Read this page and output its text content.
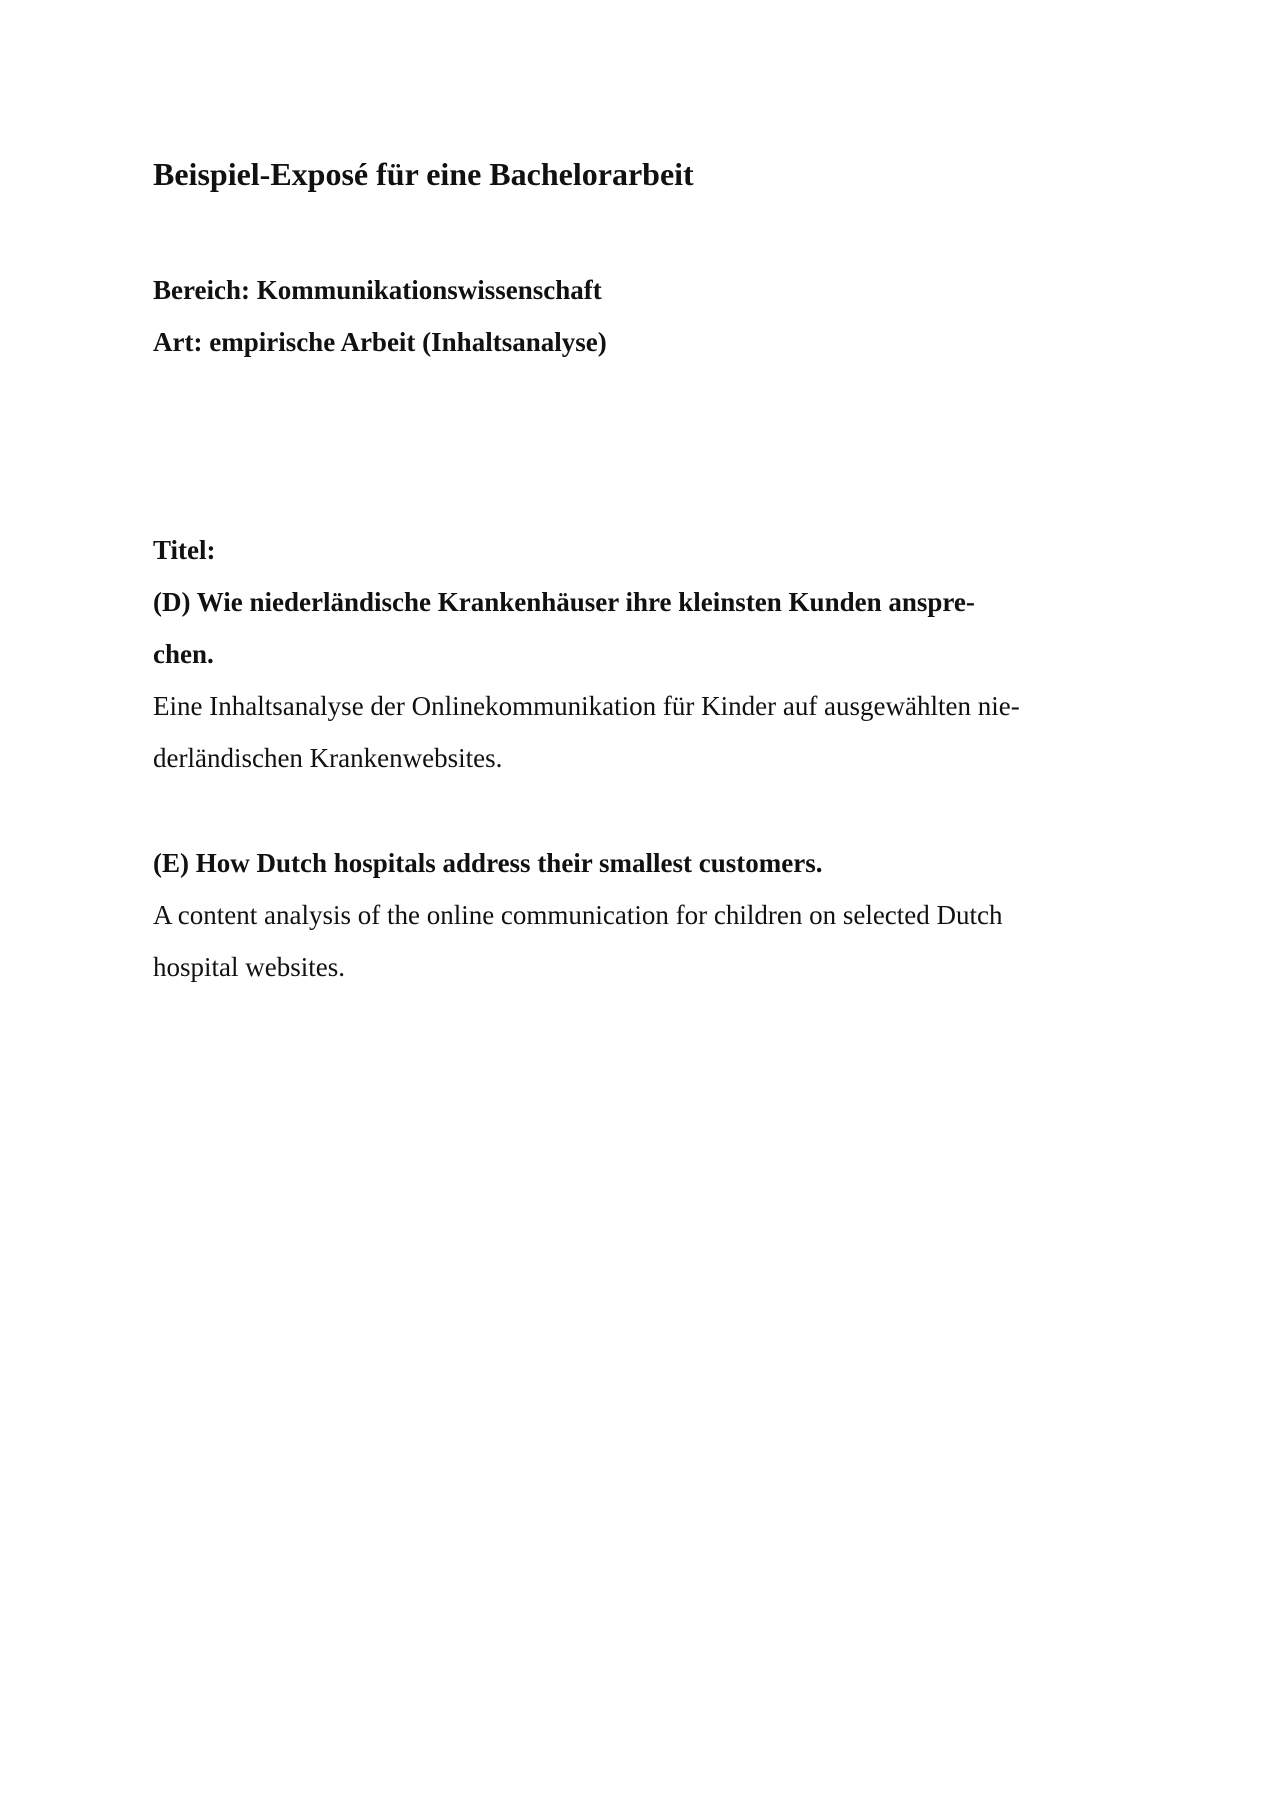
Beispiel-Exposé für eine Bachelorarbeit

Bereich: Kommunikationswissenschaft

Art: empirische Arbeit (Inhaltsanalyse)

Titel:

(D) Wie niederländische Krankenhäuser ihre kleinsten Kunden anspre-

chen.

Eine Inhaltsanalyse der Onlinekommunikation für Kinder auf ausgewählten nie-

derländischen Krankenwebsites.

(E) How Dutch hospitals address their smallest customers.

A content analysis of the online communication for children on selected Dutch

hospital websites.
